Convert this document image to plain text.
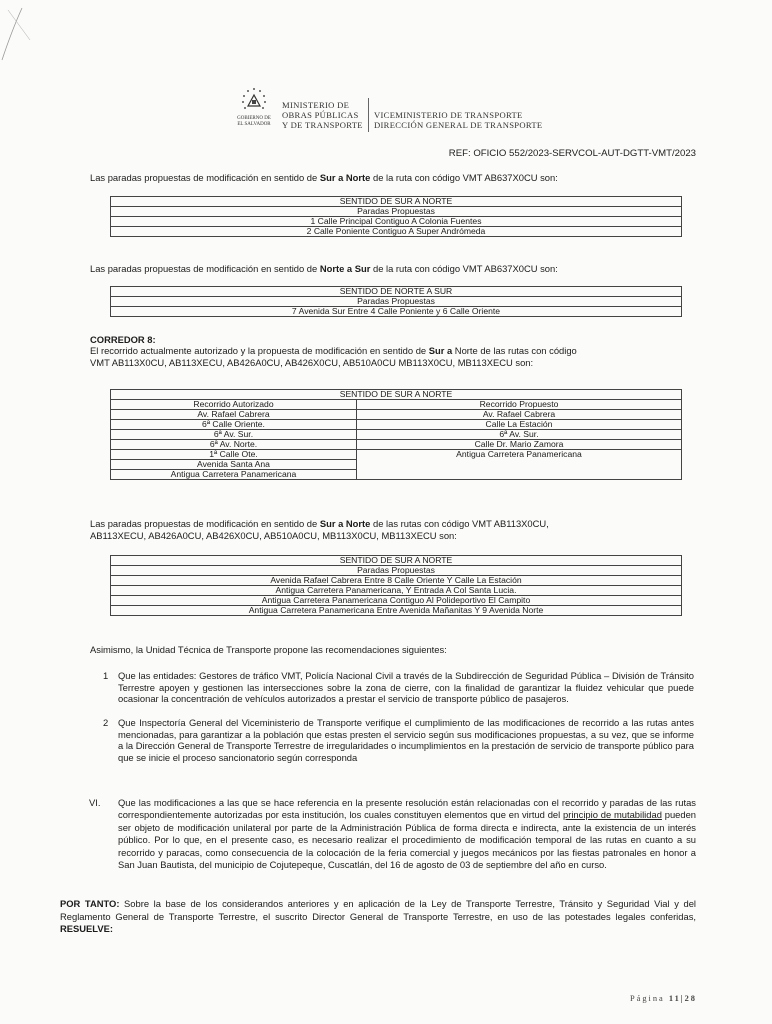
GOBIERNO DE
EL SALVADOR
MINISTERIO DE
OBRAS PÚBLICAS
Y DE TRANSPORTE
VICEMINISTERIO DE TRANSPORTE
DIRECCIÓN GENERAL DE TRANSPORTE
REF: OFICIO 552/2023-SERVCOL-AUT-DGTT-VMT/2023

Las paradas propuestas de modificación en sentido de Sur a Norte de la ruta con código VMT AB637X0CU son:

SENTIDO DE SUR A NORTE
Paradas Propuestas
1 Calle Principal Contiguo A Colonia Fuentes
2 Calle Poniente Contiguo A Super Andrómeda

Las paradas propuestas de modificación en sentido de Norte a Sur de la ruta con código VMT AB637X0CU son:

SENTIDO DE NORTE A SUR
Paradas Propuestas
7 Avenida Sur Entre 4 Calle Poniente y 6 Calle Oriente
CORREDOR 8:
El recorrido actualmente autorizado y la propuesta de modificación en sentido de Sur a Norte de las rutas con código
VMT AB113X0CU, AB113XECU, AB426A0CU, AB426X0CU, AB510A0CU MB113X0CU, MB113XECU son:
SENTIDO DE SUR A NORTE	
Recorrido Autorizado	Recorrido Propuesto
Av. Rafael Cabrera	Av. Rafael Cabrera
6ª Calle Oriente.	Calle La Estación
6ª Av. Sur.	6ª Av. Sur.
6ª Av. Norte.	Calle Dr. Mario Zamora
1ª Calle Ote.	Antigua Carretera Panamericana
Avenida Santa Ana	
Antigua Carretera Panamericana	

Las paradas propuestas de modificación en sentido de Sur a Norte de las rutas con código VMT AB113X0CU,
AB113XECU, AB426A0CU, AB426X0CU, AB510A0CU, MB113X0CU, MB113XECU son:

SENTIDO DE SUR A NORTE
Paradas Propuestas
Avenida Rafael Cabrera Entre 8 Calle Oriente Y Calle La Estación
Antigua Carretera Panamericana, Y Entrada A Col Santa Lucia.
Antigua Carretera Panamericana Contiguo Al Polideportivo El Campito
Antigua Carretera Panamericana Entre Avenida Mañanitas Y 9 Avenida Norte

Asimismo, la Unidad Técnica de Transporte propone las recomendaciones siguientes:

1 Que las entidades: Gestores de tráfico VMT, Policía Nacional Civil a través de la Subdirección de Seguridad Pública – División de Tránsito Terrestre apoyen y gestionen las intersecciones sobre la zona de cierre, con la finalidad de garantizar la fluidez vehicular que puede ocasionar la concentración de vehículos autorizados a prestar el servicio de transporte público de pasajeros.

2 Que Inspectoría General del Viceministerio de Transporte verifique el cumplimiento de las modificaciones de recorrido a las rutas antes mencionadas, para garantizar a la población que estas presten el servicio según sus modificaciones propuestas, a su vez, que se informe a la Dirección General de Transporte Terrestre de irregularidades o incumplimientos en la prestación de servicio de transporte público para que se inicie el proceso sancionatorio según corresponda

VI. Que las modificaciones a las que se hace referencia en la presente resolución están relacionadas con el recorrido y paradas de las rutas correspondientemente autorizadas por esta institución, los cuales constituyen elementos que en virtud del principio de mutabilidad pueden ser objeto de modificación unilateral por parte de la Administración Pública de forma directa e indirecta, ante la existencia de un interés público. Por lo que, en el presente caso, es necesario realizar el procedimiento de modificación temporal de las rutas en cuanto a su recorrido y paracas, como consecuencia de la colocación de la feria comercial y juegos mecánicos por las fiestas patronales en honor a San Juan Bautista, del municipio de Cojutepeque, Cuscatlán, del 16 de agosto de 03 de septiembre del año en curso.

POR TANTO: Sobre la base de los considerandos anteriores y en aplicación de la Ley de Transporte Terrestre, Tránsito y Seguridad Vial y del Reglamento General de Transporte Terrestre, el suscrito Director General de Transporte Terrestre, en uso de las potestades legales conferidas, RESUELVE:

Página 11|28
